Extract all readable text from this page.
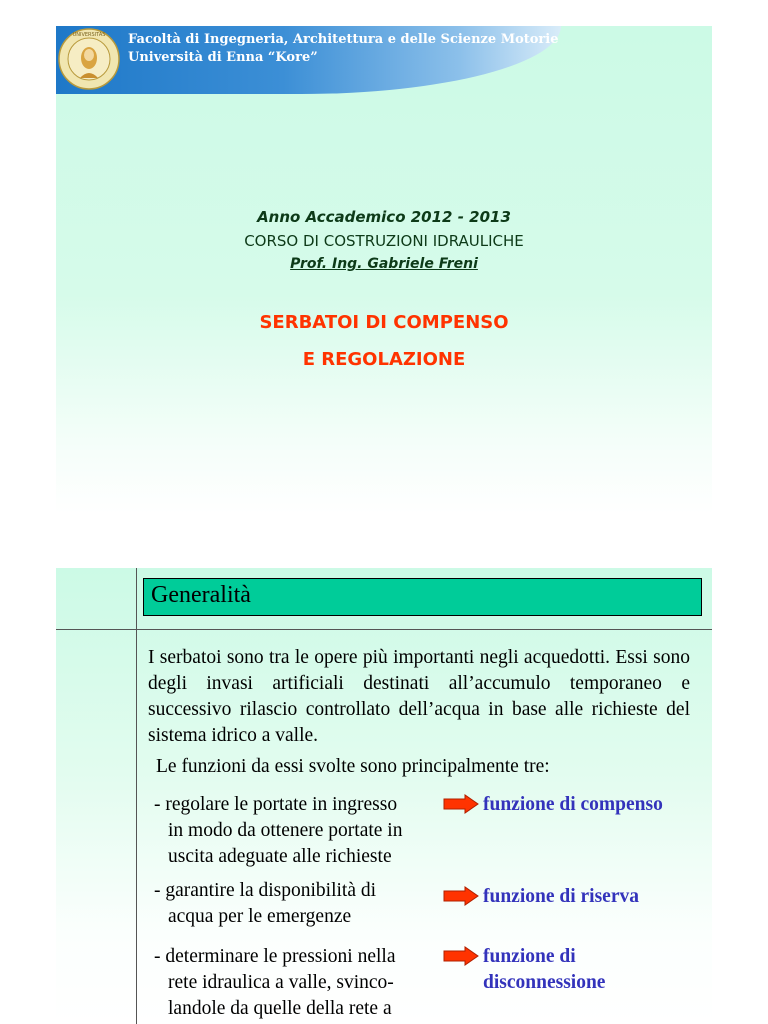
UNIVERSITAS Facoltà di Ingegneria, Architettura e delle Scienze Motorie
Università di Enna “Kore”
Anno Accademico 2012 - 2013
CORSO DI COSTRUZIONI IDRAULICHE
Prof. Ing. Gabriele Freni
SERBATOI DI COMPENSO
E REGOLAZIONE
Generalità
I serbatoi sono tra le opere più importanti negli acquedotti. Essi sono degli invasi artificiali destinati all’accumulo temporaneo e successivo rilascio controllato dell’acqua in base alle richieste del sistema idrico a valle.
Le funzioni da essi svolte sono principalmente tre:
- regolare le portate in ingresso
in modo da ottenere portate in
uscita adeguate alle richieste
funzione di compenso
- garantire la disponibilità di
acqua per le emergenze
funzione di riserva
- determinare le pressioni nella
rete idraulica a valle, svinco-
landole da quelle della rete a
funzione di
disconnessione
